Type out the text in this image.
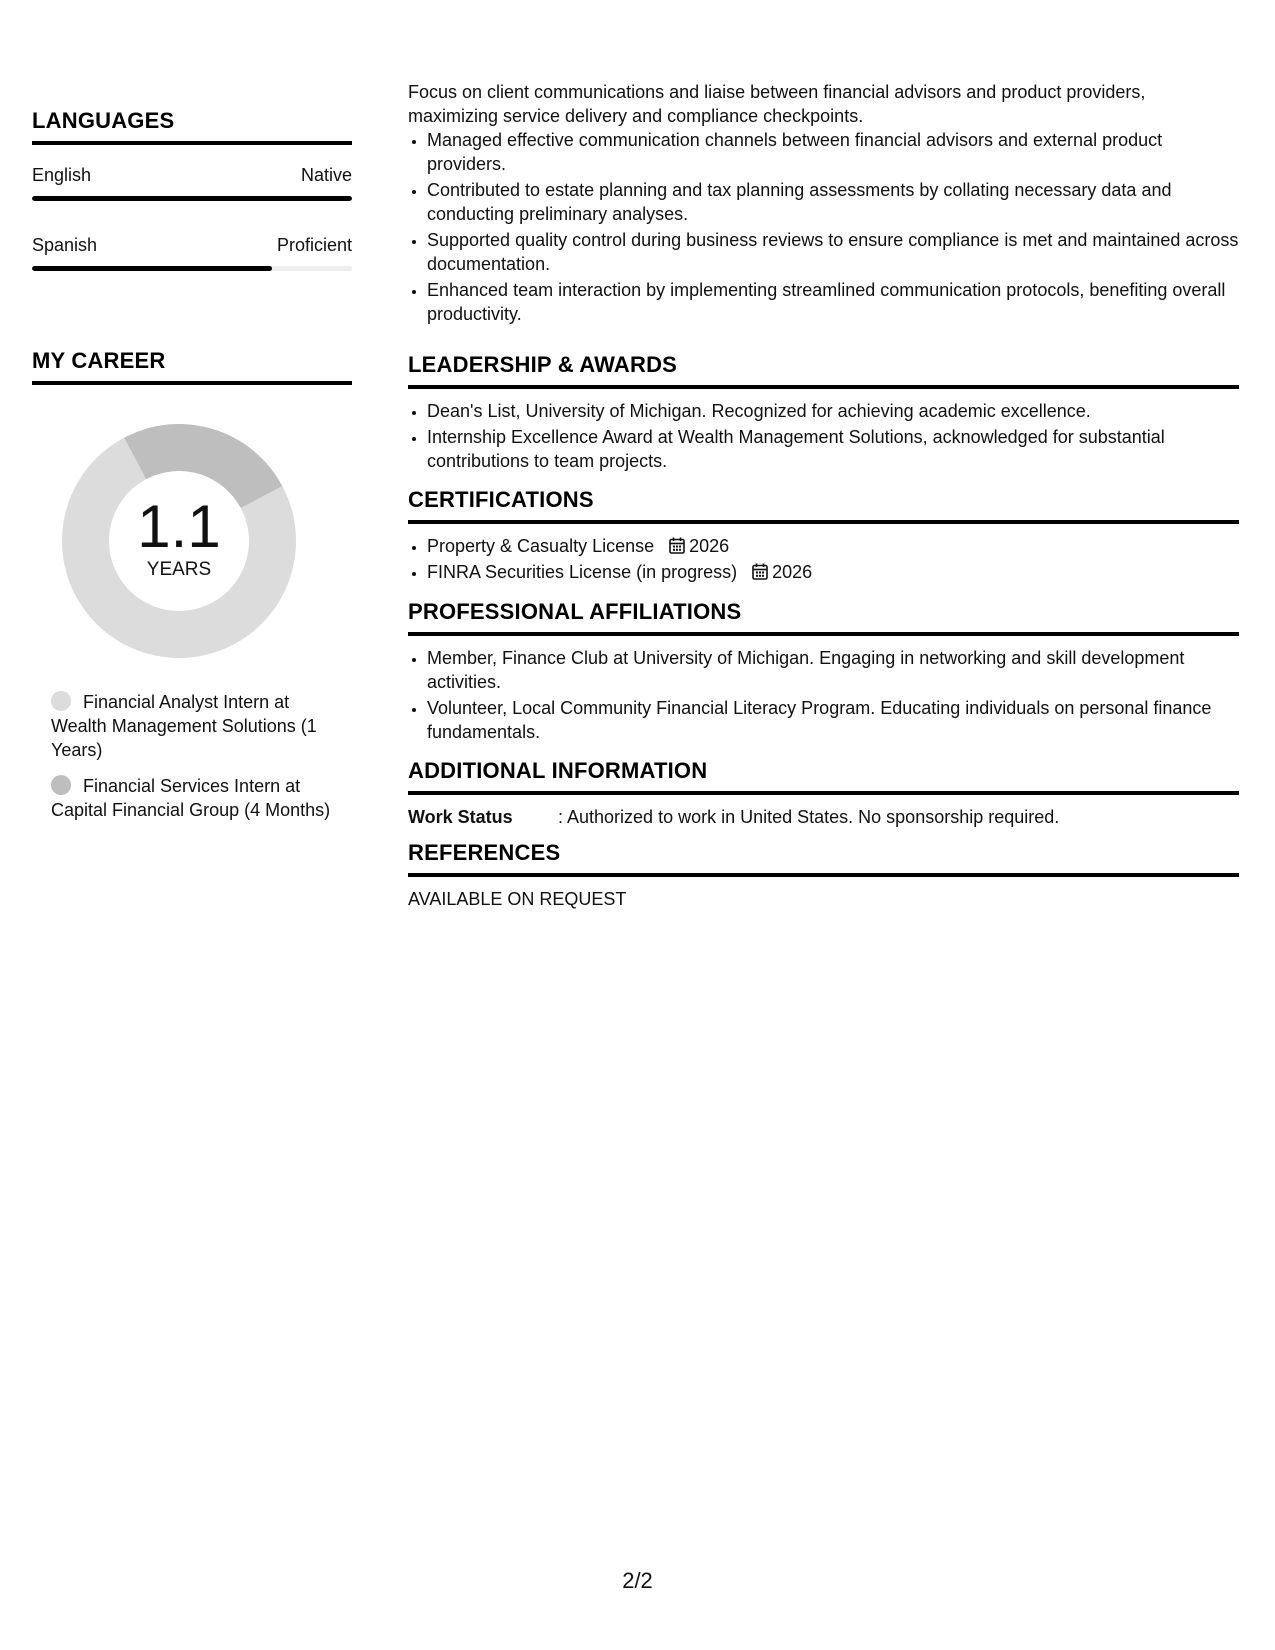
LANGUAGES
English	Native
Spanish	Proficient
MY CAREER
1.1
YEARS
Financial Analyst Intern at Wealth Management Solutions (1 Years)
Financial Services Intern at Capital Financial Group (4 Months)

Focus on client communications and liaise between financial advisors and product providers, maximizing service delivery and compliance checkpoints.

• Managed effective communication channels between financial advisors and external product providers.
• Contributed to estate planning and tax planning assessments by collating necessary data and conducting preliminary analyses.
• Supported quality control during business reviews to ensure compliance is met and maintained across documentation.
• Enhanced team interaction by implementing streamlined communication protocols, benefiting overall productivity.
LEADERSHIP & AWARDS
• Dean's List, University of Michigan. Recognized for achieving academic excellence.
• Internship Excellence Award at Wealth Management Solutions, acknowledged for substantial contributions to team projects.
CERTIFICATIONS
• Property & Casualty License 2026
• FINRA Securities License (in progress) 2026
PROFESSIONAL AFFILIATIONS
• Member, Finance Club at University of Michigan. Engaging in networking and skill development activities.
• Volunteer, Local Community Financial Literacy Program. Educating individuals on personal finance fundamentals.
ADDITIONAL INFORMATION
Work Status	: Authorized to work in United States. No sponsorship required.
REFERENCES
AVAILABLE ON REQUEST
2/2
